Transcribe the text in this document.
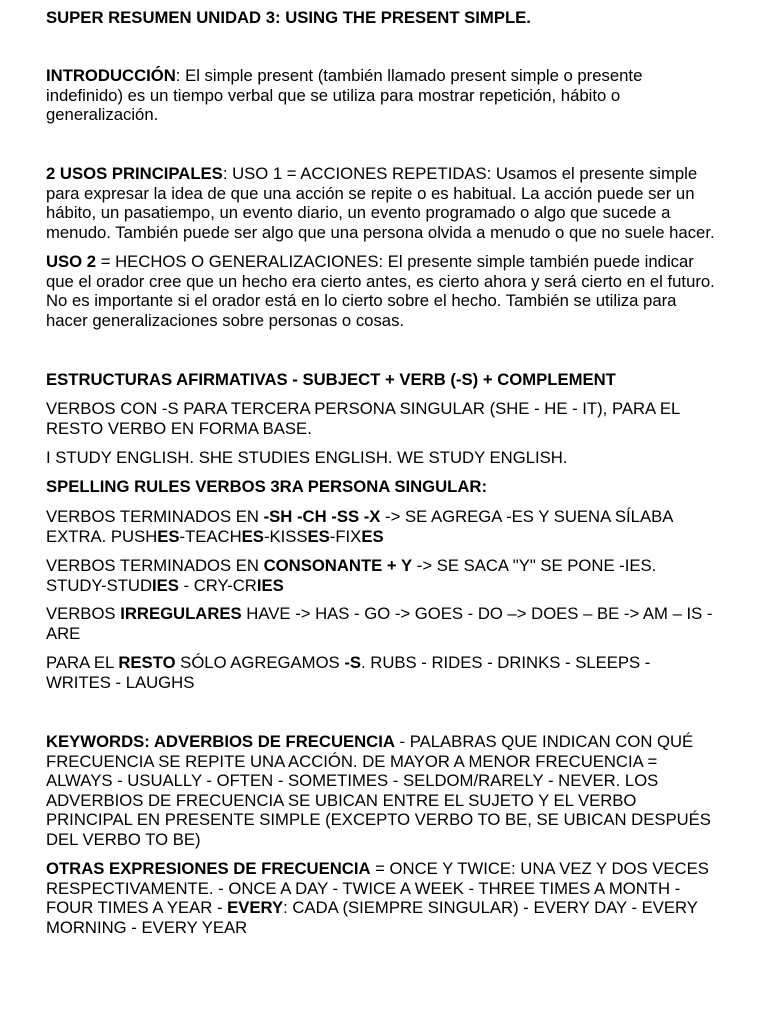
SUPER RESUMEN UNIDAD 3: USING THE PRESENT SIMPLE.
INTRODUCCIÓN: El simple present (también llamado present simple o presente
indefinido) es un tiempo verbal que se utiliza para mostrar repetición, hábito o
generalización.
2 USOS PRINCIPALES: USO 1 = ACCIONES REPETIDAS: Usamos el presente simple
para expresar la idea de que una acción se repite o es habitual. La acción puede ser un
hábito, un pasatiempo, un evento diario, un evento programado o algo que sucede a
menudo. También puede ser algo que una persona olvida a menudo o que no suele hacer.
USO 2 = HECHOS O GENERALIZACIONES: El presente simple también puede indicar
que el orador cree que un hecho era cierto antes, es cierto ahora y será cierto en el futuro.
No es importante si el orador está en lo cierto sobre el hecho. También se utiliza para
hacer generalizaciones sobre personas o cosas.
ESTRUCTURAS AFIRMATIVAS - SUBJECT + VERB (-S) + COMPLEMENT
VERBOS CON -S PARA TERCERA PERSONA SINGULAR (SHE - HE - IT), PARA EL
RESTO VERBO EN FORMA BASE.
I STUDY ENGLISH. SHE STUDIES ENGLISH. WE STUDY ENGLISH.
SPELLING RULES VERBOS 3RA PERSONA SINGULAR:
VERBOS TERMINADOS EN -SH -CH -SS -X -> SE AGREGA -ES Y SUENA SÍLABA
EXTRA. PUSHES-TEACHES-KISSES-FIXES
VERBOS TERMINADOS EN CONSONANTE + Y -> SE SACA "Y" SE PONE -IES.
STUDY-STUDIES - CRY-CRIES
VERBOS IRREGULARES HAVE -> HAS - GO -> GOES - DO –> DOES – BE -> AM – IS -
ARE
PARA EL RESTO SÓLO AGREGAMOS -S. RUBS - RIDES - DRINKS - SLEEPS -
WRITES - LAUGHS
KEYWORDS: ADVERBIOS DE FRECUENCIA - PALABRAS QUE INDICAN CON QUÉ
FRECUENCIA SE REPITE UNA ACCIÓN. DE MAYOR A MENOR FRECUENCIA =
ALWAYS - USUALLY - OFTEN - SOMETIMES - SELDOM/RARELY - NEVER. LOS
ADVERBIOS DE FRECUENCIA SE UBICAN ENTRE EL SUJETO Y EL VERBO
PRINCIPAL EN PRESENTE SIMPLE (EXCEPTO VERBO TO BE, SE UBICAN DESPUÉS
DEL VERBO TO BE)
OTRAS EXPRESIONES DE FRECUENCIA = ONCE Y TWICE: UNA VEZ Y DOS VECES
RESPECTIVAMENTE. - ONCE A DAY - TWICE A WEEK - THREE TIMES A MONTH -
FOUR TIMES A YEAR - EVERY: CADA (SIEMPRE SINGULAR) - EVERY DAY - EVERY
MORNING - EVERY YEAR
